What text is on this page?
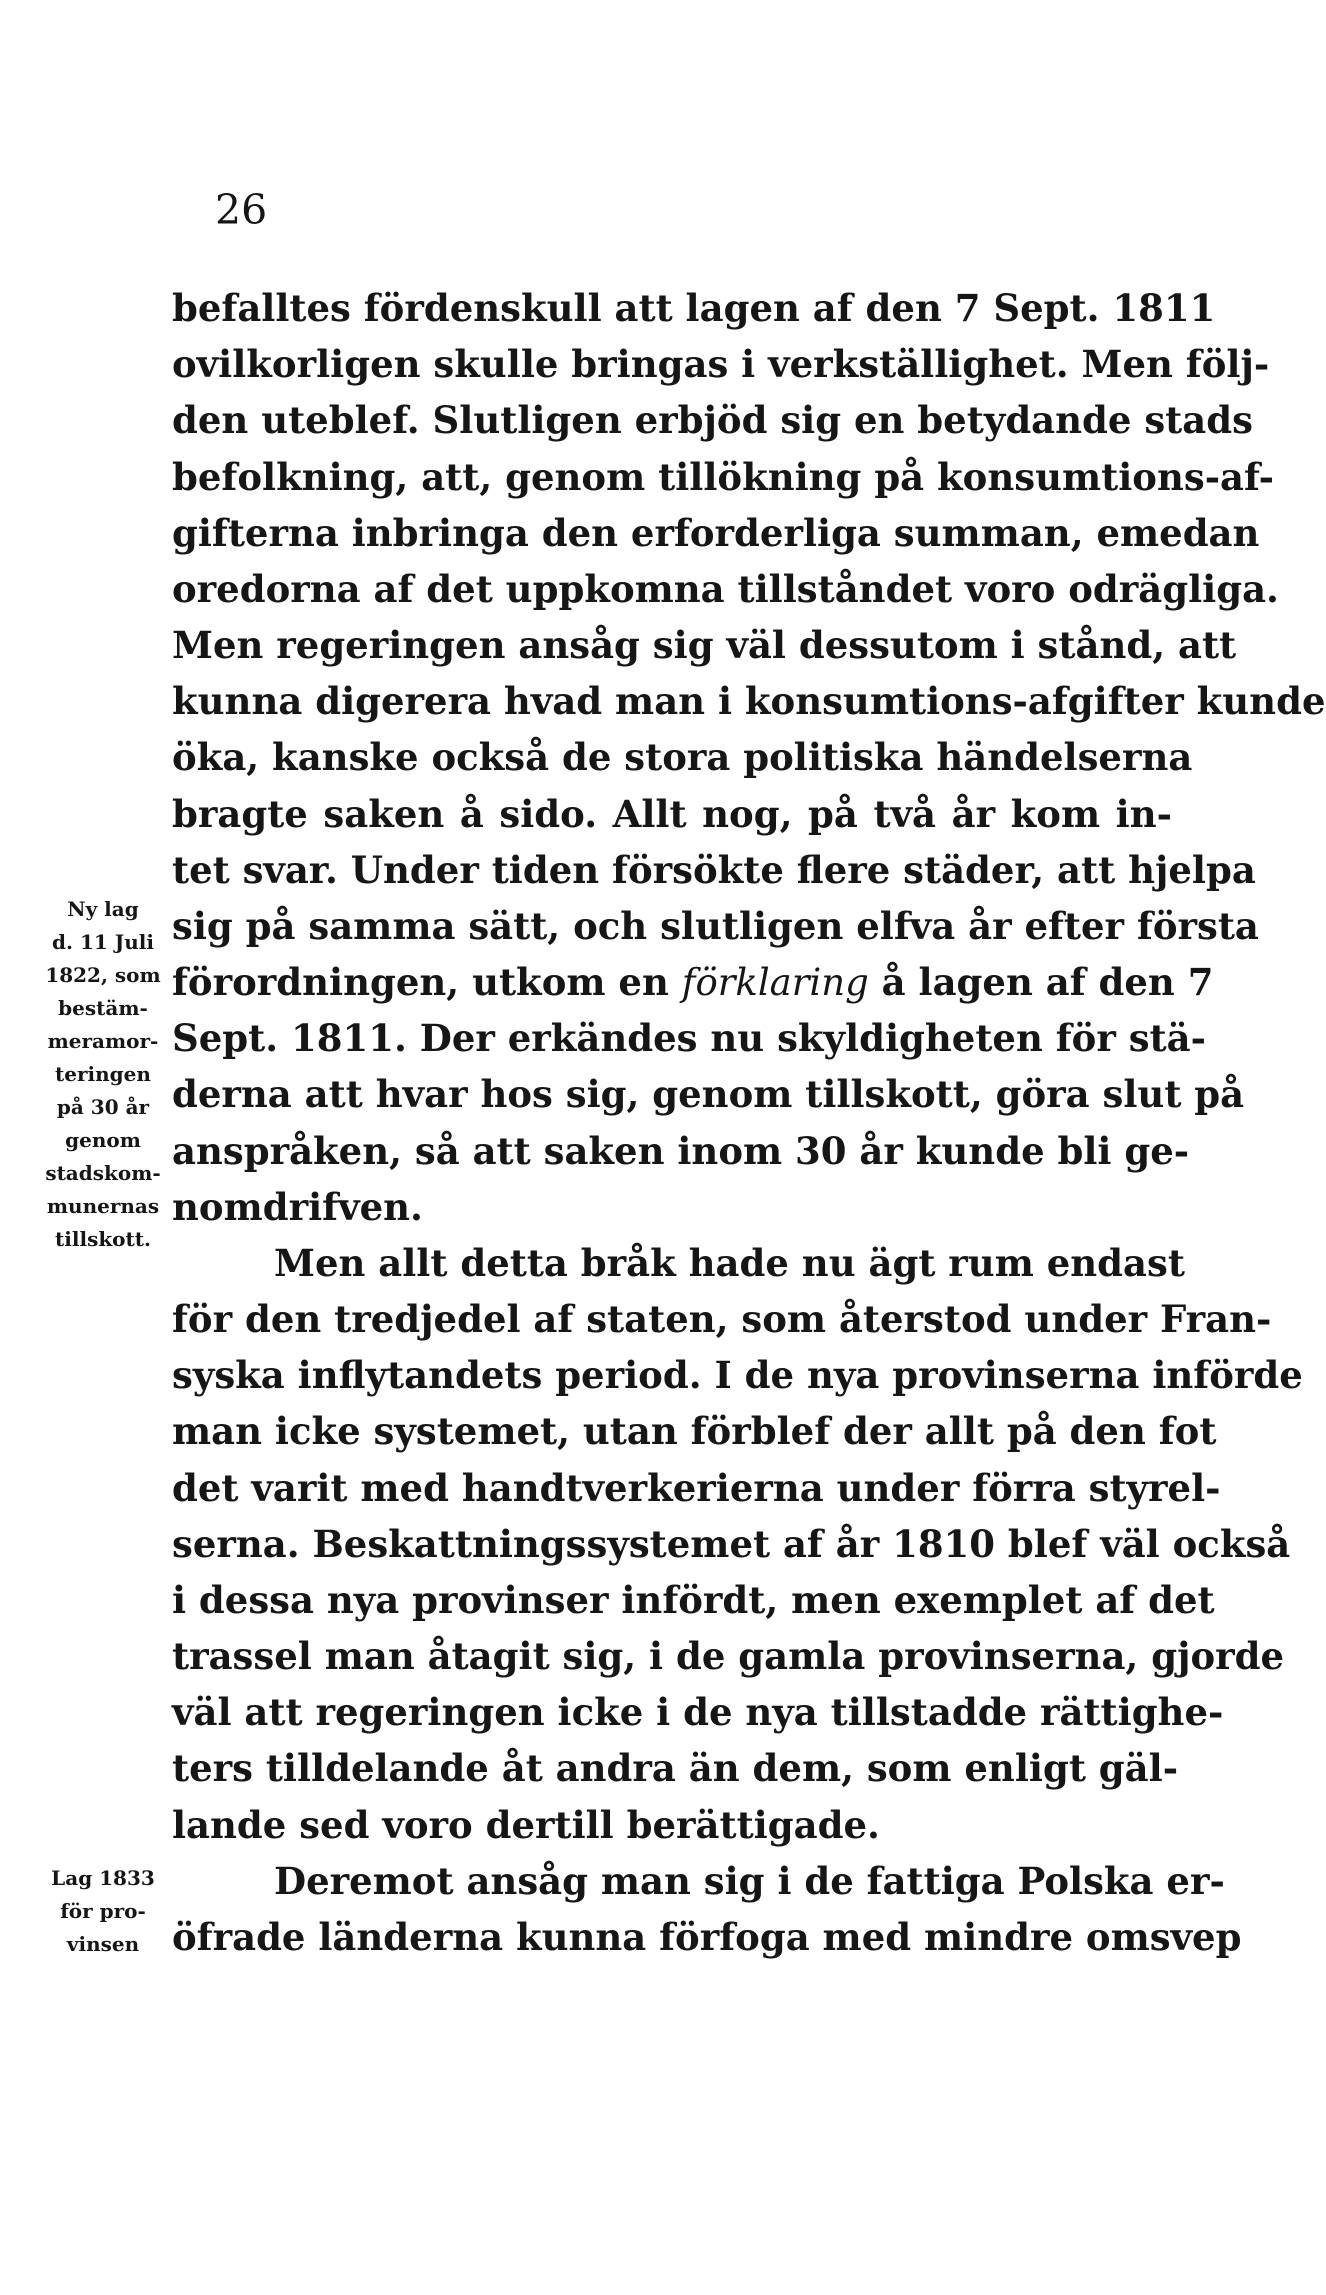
26
befalltes fördenskull att lagen af den 7 Sept. 1811
ovilkorligen skulle bringas i verkställighet. Men följ-
den uteblef. Slutligen erbjöd sig en betydande stads
befolkning, att, genom tillökning på konsumtions-af-
gifterna inbringa den erforderliga summan, emedan
oredorna af det uppkomna tillståndet voro odrägliga.
Men regeringen ansåg sig väl dessutom i stånd, att
kunna digerera hvad man i konsumtions-afgifter kunde
öka, kanske också de stora politiska händelserna
bragte saken å sido. Allt nog, på två år kom in-
tet svar. Under tiden försökte flere städer, att hjelpa
sig på samma sätt, och slutligen elfva år efter första
förordningen, utkom en förklaring å lagen af den 7
Sept. 1811. Der erkändes nu skyldigheten för stä-
derna att hvar hos sig, genom tillskott, göra slut på
anspråken, så att saken inom 30 år kunde bli ge-
nomdrifven.
Men allt detta bråk hade nu ägt rum endast
för den tredjedel af staten, som återstod under Fran-
syska inflytandets period. I de nya provinserna införde
man icke systemet, utan förblef der allt på den fot
det varit med handtverkerierna under förra styrel-
serna. Beskattningssystemet af år 1810 blef väl också
i dessa nya provinser infördt, men exemplet af det
trassel man åtagit sig, i de gamla provinserna, gjorde
väl att regeringen icke i de nya tillstadde rättighe-
ters tilldelande åt andra än dem, som enligt gäl-
lande sed voro dertill berättigade.
Deremot ansåg man sig i de fattiga Polska er-
öfrade länderna kunna förfoga med mindre omsvep
Ny lag
d. 11 Juli
1822, som
bestäm-
meramor-
teringen
på 30 år
genom
stadskom-
munernas
tillskott.
Lag 1833
för pro-
vinsen
